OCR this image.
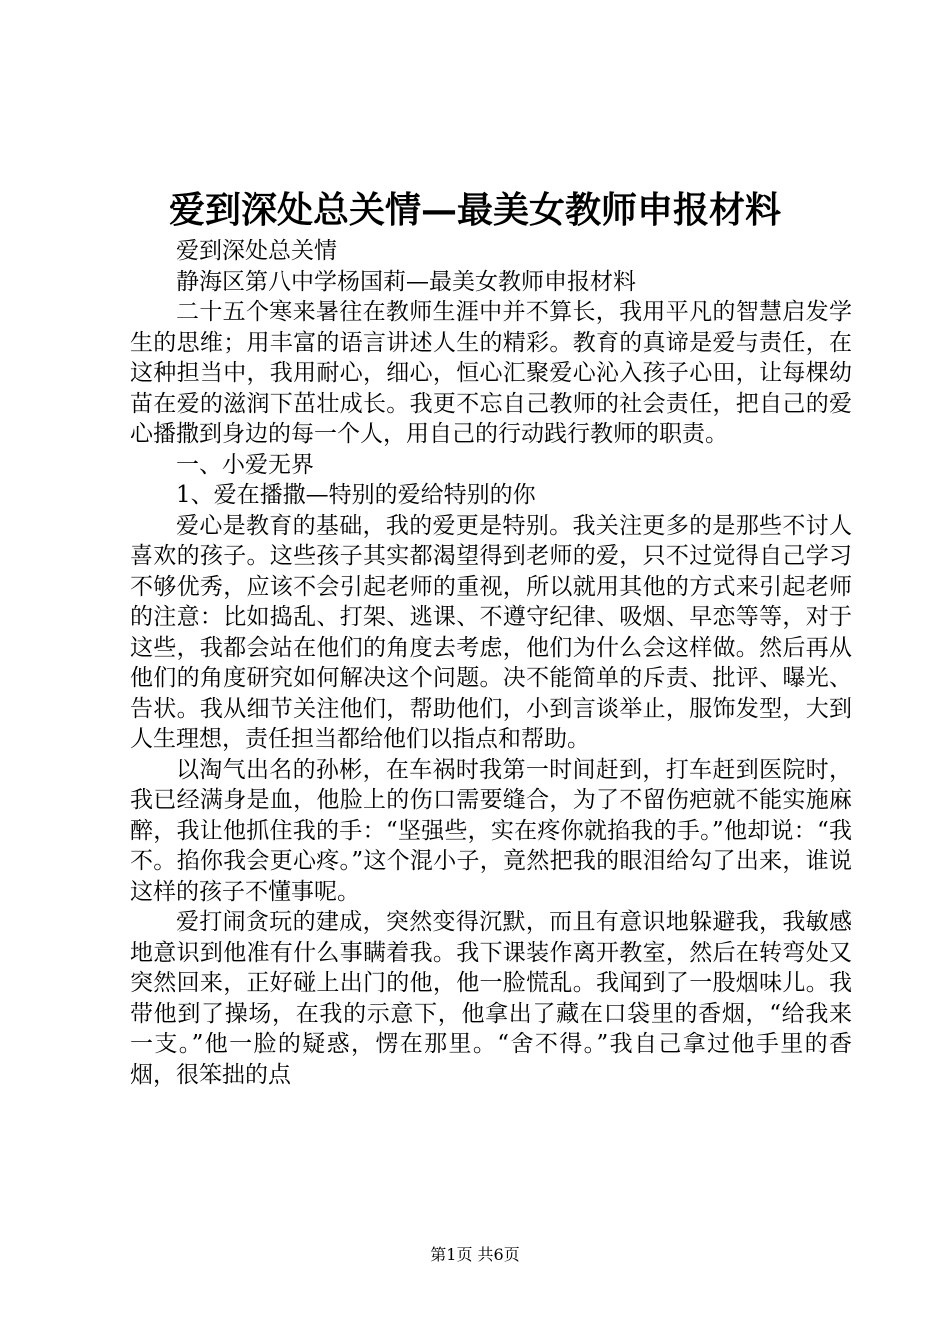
爱到深处总关情—最美女教师申报材料

爱到深处总关情

静海区第八中学杨国莉—最美女教师申报材料

二十五个寒来暑往在教师生涯中并不算长，我用平凡的智慧启发学生的思维；用丰富的语言讲述人生的精彩。教育的真谛是爱与责任，在这种担当中，我用耐心，细心，恒心汇聚爱心沁入孩子心田，让每棵幼苗在爱的滋润下茁壮成长。我更不忘自己教师的社会责任，把自己的爱心播撒到身边的每一个人，用自己的行动践行教师的职责。

一、小爱无界

1、爱在播撒—特别的爱给特别的你

爱心是教育的基础，我的爱更是特别。我关注更多的是那些不讨人喜欢的孩子。这些孩子其实都渴望得到老师的爱，只不过觉得自己学习不够优秀，应该不会引起老师的重视，所以就用其他的方式来引起老师的注意：比如捣乱、打架、逃课、不遵守纪律、吸烟、早恋等等，对于这些，我都会站在他们的角度去考虑，他们为什么会这样做。然后再从他们的角度研究如何解决这个问题。决不能简单的斥责、批评、曝光、告状。我从细节关注他们，帮助他们，小到言谈举止，服饰发型，大到人生理想，责任担当都给他们以指点和帮助。

以淘气出名的孙彬，在车祸时我第一时间赶到，打车赶到医院时，我已经满身是血，他脸上的伤口需要缝合，为了不留伤疤就不能实施麻醉，我让他抓住我的手：“坚强些，实在疼你就掐我的手。”他却说：“我不。掐你我会更心疼。”这个混小子，竟然把我的眼泪给勾了出来，谁说这样的孩子不懂事呢。

爱打闹贪玩的建成，突然变得沉默，而且有意识地躲避我，我敏感地意识到他准有什么事瞒着我。我下课装作离开教室，然后在转弯处又突然回来，正好碰上出门的他，他一脸慌乱。我闻到了一股烟味儿。我带他到了操场，在我的示意下，他拿出了藏在口袋里的香烟，“给我来一支。”他一脸的疑惑，愣在那里。“舍不得。”我自己拿过他手里的香烟，很笨拙的点

第1页 共6页
